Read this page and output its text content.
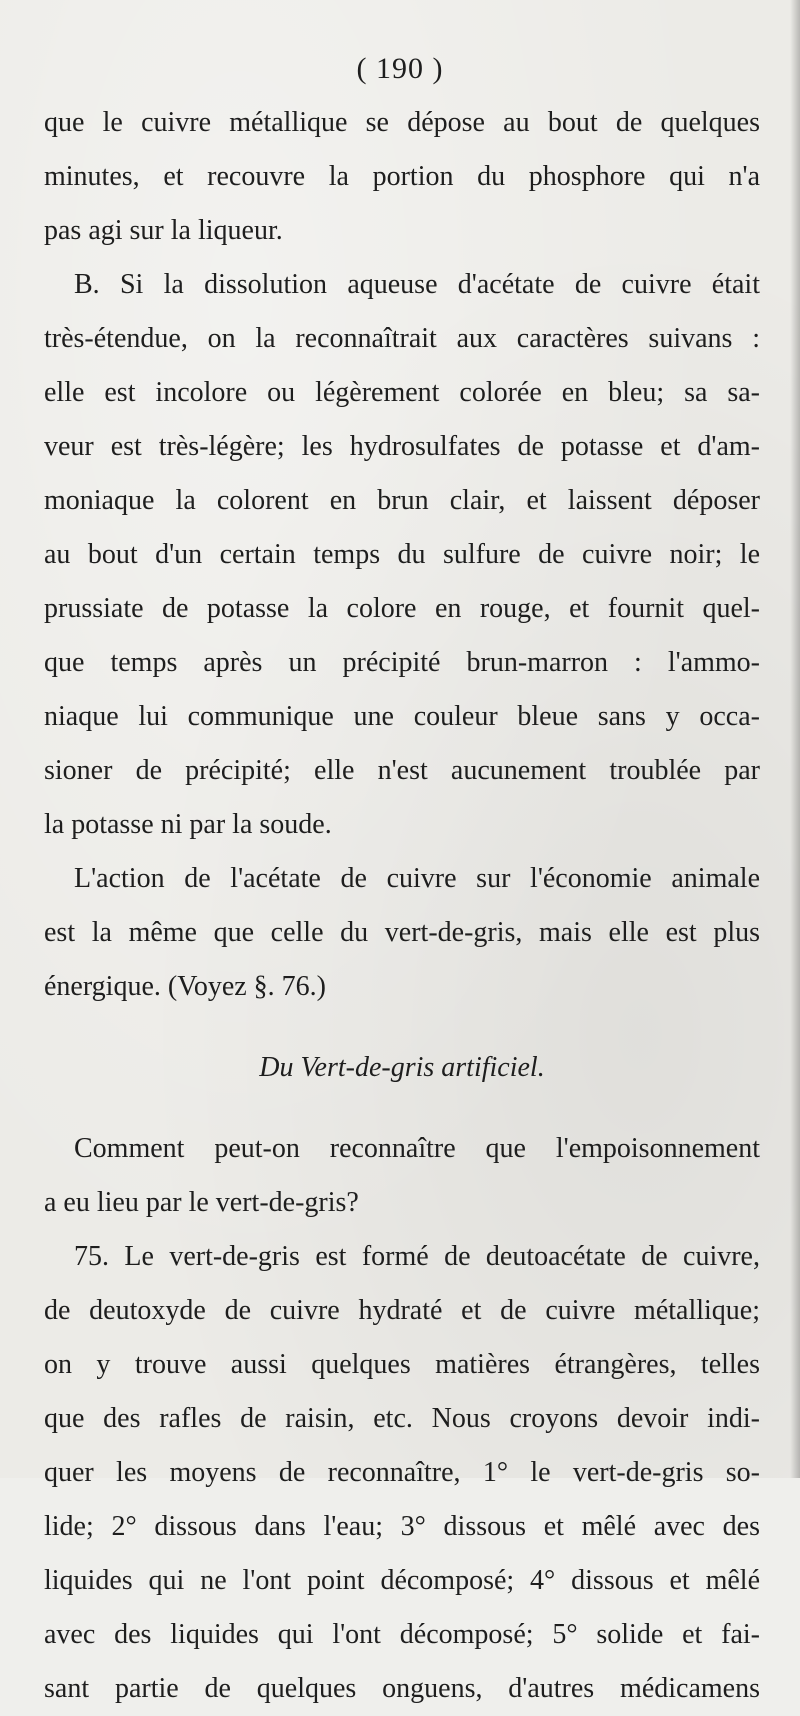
( 190 )
que le cuivre métallique se dépose au bout de quelques
minutes, et recouvre la portion du phosphore qui n'a
pas agi sur la liqueur.
B. Si la dissolution aqueuse d'acétate de cuivre était
très-étendue, on la reconnaîtrait aux caractères suivans :
elle est incolore ou légèrement colorée en bleu; sa sa-
veur est très-légère; les hydrosulfates de potasse et d'am-
moniaque la colorent en brun clair, et laissent déposer
au bout d'un certain temps du sulfure de cuivre noir; le
prussiate de potasse la colore en rouge, et fournit quel-
que temps après un précipité brun-marron : l'ammo-
niaque lui communique une couleur bleue sans y occa-
sioner de précipité; elle n'est aucunement troublée par
la potasse ni par la soude.
L'action de l'acétate de cuivre sur l'économie animale
est la même que celle du vert-de-gris, mais elle est plus
énergique. (Voyez §. 76.)
Du Vert-de-gris artificiel.
Comment peut-on reconnaître que l'empoisonnement
a eu lieu par le vert-de-gris?
75. Le vert-de-gris est formé de deutoacétate de cuivre,
de deutoxyde de cuivre hydraté et de cuivre métallique;
on y trouve aussi quelques matières étrangères, telles
que des rafles de raisin, etc. Nous croyons devoir indi-
quer les moyens de reconnaître, 1° le vert-de-gris so-
lide; 2° dissous dans l'eau; 3° dissous et mêlé avec des
liquides qui ne l'ont point décomposé; 4° dissous et mêlé
avec des liquides qui l'ont décomposé; 5° solide et fai-
sant partie de quelques onguens, d'autres médicamens
